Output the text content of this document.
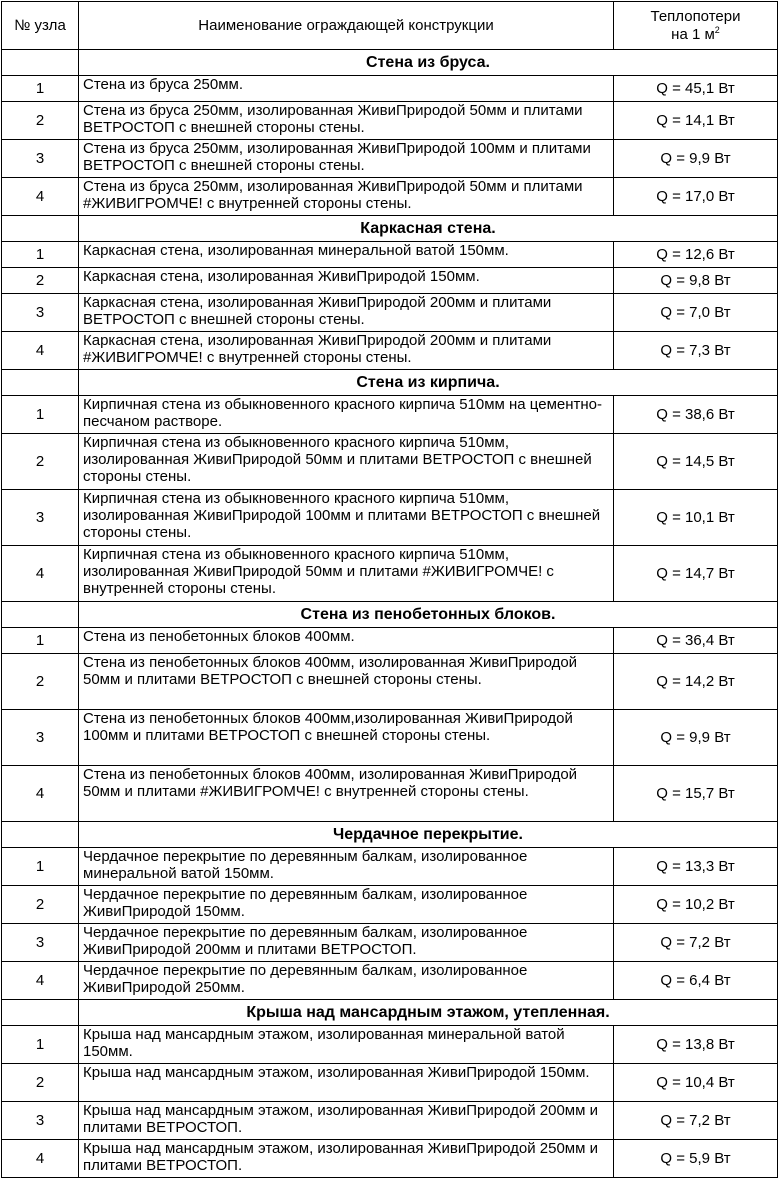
№ узла	Наименование ограждающей конструкции	Теплопотери
на 1 $м^2$

	Стена из бруса.	
1	Стена из бруса 250мм.	Q = 45,1 Вт
2	Стена из бруса 250мм, изолированная ЖивиПриродой 50мм и плитами ВЕТРОСТОП с внешней стороны стены.	Q = 14,1 Вт
3	Стена из бруса 250мм, изолированная ЖивиПриродой 100мм и плитами ВЕТРОСТОП с внешней стороны стены.	Q = 9,9 Вт
4	Стена из бруса 250мм, изолированная ЖивиПриродой 50мм и плитами #ЖИВИГРОМЧЕ! с внутренней стороны стены.	Q = 17,0 Вт
	Каркасная стена.	
1	Каркасная стена, изолированная минеральной ватой 150мм.	Q = 12,6 Вт
2	Каркасная стена, изолированная ЖивиПриродой 150мм.	Q = 9,8 Вт
3	Каркасная стена, изолированная ЖивиПриродой 200мм и плитами ВЕТРОСТОП с внешней стороны стены.	Q = 7,0 Вт
4	Каркасная стена, изолированная ЖивиПриродой 200мм и плитами #ЖИВИГРОМЧЕ! с внутренней стороны стены.	Q = 7,3 Вт
	Стена из кирпича.	
1	Кирпичная стена из обыкновенного красного кирпича 510мм на цементно-песчаном растворе.	Q = 38,6 Вт
2	Кирпичная стена из обыкновенного красного кирпича 510мм, изолированная ЖивиПриродой 50мм и плитами ВЕТРОСТОП с внешней стороны стены.	Q = 14,5 Вт
3	Кирпичная стена из обыкновенного красного кирпича 510мм, изолированная ЖивиПриродой 100мм и плитами ВЕТРОСТОП с внешней стороны стены.	Q = 10,1 Вт
4	Кирпичная стена из обыкновенного красного кирпича 510мм, изолированная ЖивиПриродой 50мм и плитами #ЖИВИГРОМЧЕ! с внутренней стороны стены.	Q = 14,7 Вт
	Стена из пенобетонных блоков.	
1	Стена из пенобетонных блоков 400мм.	Q = 36,4 Вт
2	Стена из пенобетонных блоков 400мм, изолированная ЖивиПриродой 50мм и плитами ВЕТРОСТОП с внешней стороны стены.	Q = 14,2 Вт
3	Стена из пенобетонных блоков 400мм,изолированная ЖивиПриродой 100мм и плитами ВЕТРОСТОП с внешней стороны стены.	Q = 9,9 Вт
4	Стена из пенобетонных блоков 400мм, изолированная ЖивиПриродой 50мм и плитами #ЖИВИГРОМЧЕ! с внутренней стороны стены.	Q = 15,7 Вт
	Чердачное перекрытие.	
1	Чердачное перекрытие по деревянным балкам, изолированное минеральной ватой 150мм.	Q = 13,3 Вт
2	Чердачное перекрытие по деревянным балкам, изолированное ЖивиПриродой 150мм.	Q = 10,2 Вт
3	Чердачное перекрытие по деревянным балкам, изолированное ЖивиПриродой 200мм и плитами ВЕТРОСТОП.	Q = 7,2 Вт
4	Чердачное перекрытие по деревянным балкам, изолированное ЖивиПриродой 250мм.	Q = 6,4 Вт
	Крыша над мансардным этажом, утепленная.	
1	Крыша над мансардным этажом, изолированная минеральной ватой 150мм.	Q = 13,8 Вт
2	Крыша над мансардным этажом, изолированная ЖивиПриродой 150мм.	Q = 10,4 Вт
3	Крыша над мансардным этажом, изолированная ЖивиПриродой 200мм и плитами ВЕТРОСТОП.	Q = 7,2 Вт
4	Крыша над мансардным этажом, изолированная ЖивиПриродой 250мм и плитами ВЕТРОСТОП.	Q = 5,9 Вт
